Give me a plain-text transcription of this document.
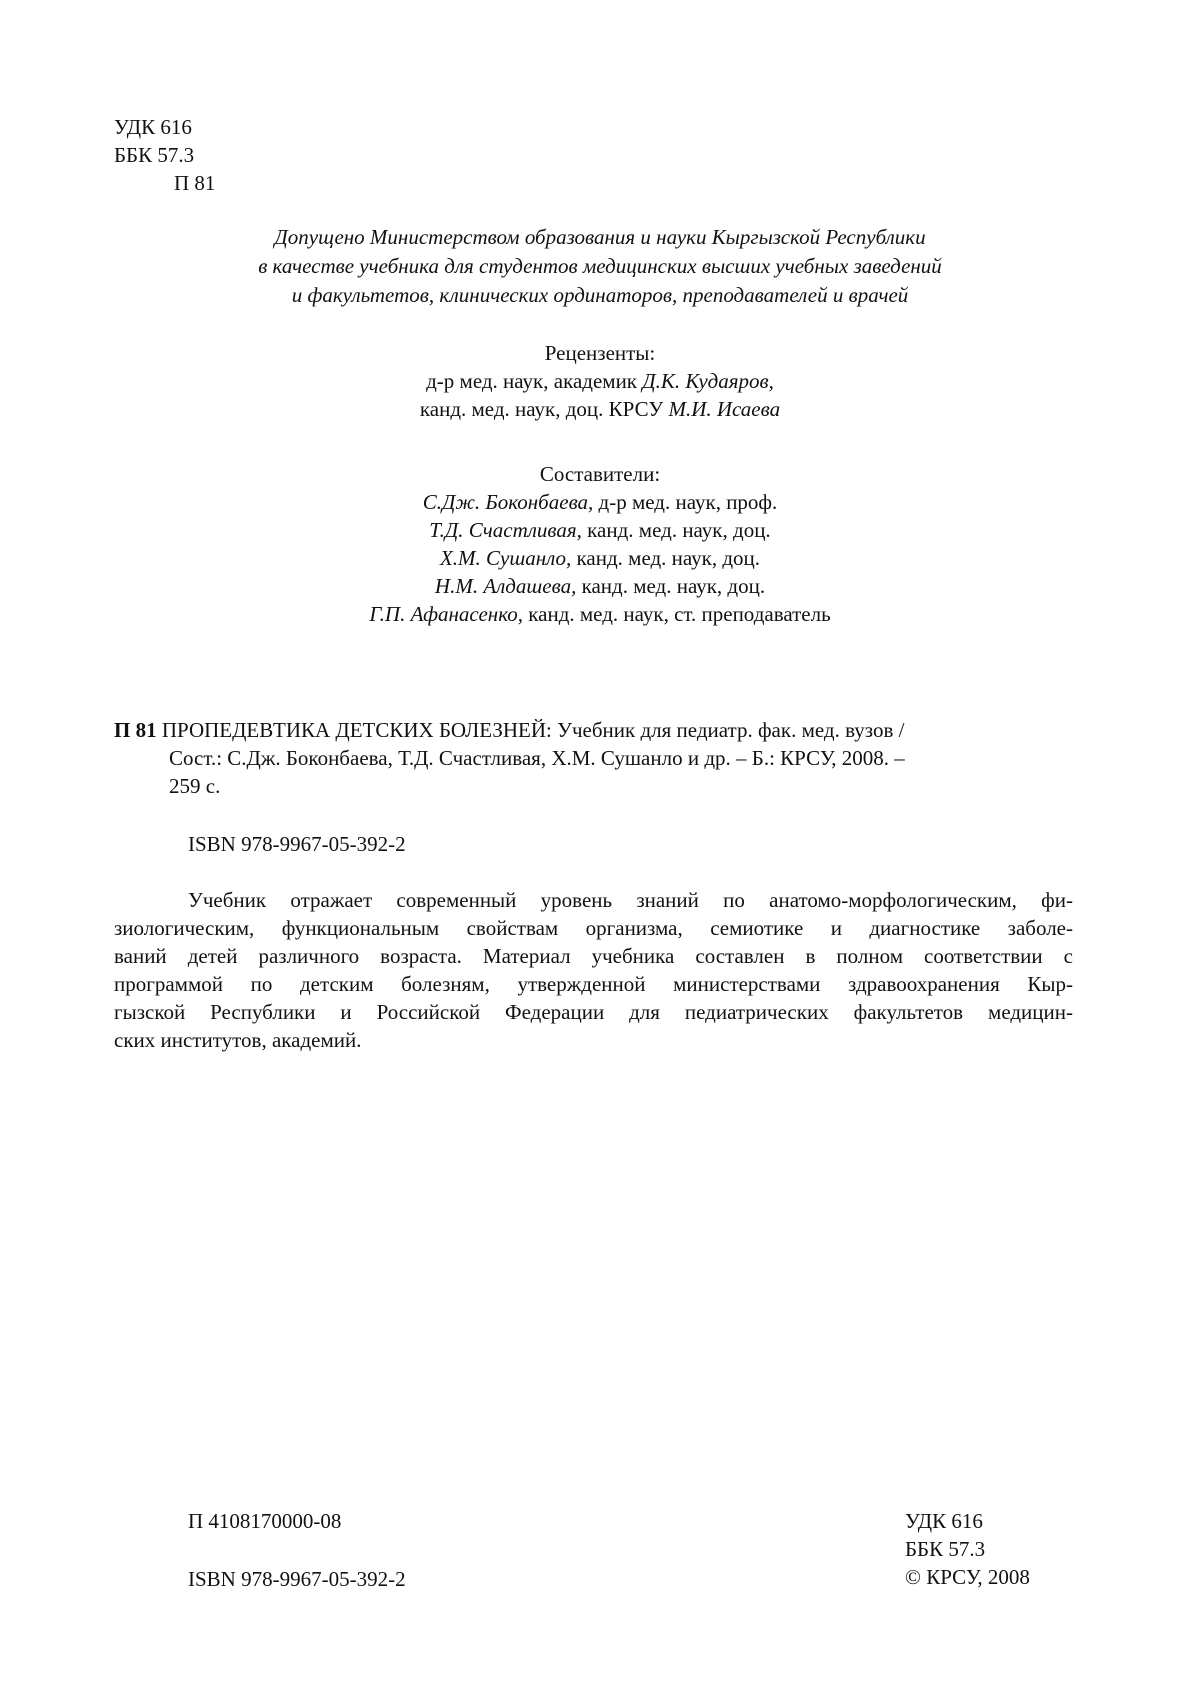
УДК 616
ББК 57.3
П 81
Допущено Министерством образования и науки Кыргызской Республики
в качестве учебника для студентов медицинских высших учебных заведений
и факультетов, клинических ординаторов, преподавателей и врачей
Рецензенты:
д-р мед. наук, академик Д.К. Кудаяров,
канд. мед. наук, доц. КРСУ М.И. Исаева
Составители:
С.Дж. Боконбаева, д-р мед. наук, проф.
Т.Д. Счастливая, канд. мед. наук, доц.
Х.М. Сушанло, канд. мед. наук, доц.
Н.М. Алдашева, канд. мед. наук, доц.
Г.П. Афанасенко, канд. мед. наук, ст. преподаватель
П 81 ПРОПЕДЕВТИКА ДЕТСКИХ БОЛЕЗНЕЙ: Учебник для педиатр. фак. мед. вузов /
Сост.: С.Дж. Боконбаева, Т.Д. Счастливая, Х.М. Сушанло и др. – Б.: КРСУ, 2008. –
259 с.
ISBN 978-9967-05-392-2
Учебник отражает современный уровень знаний по анатомо-морфологическим, фи-
зиологическим, функциональным свойствам организма, семиотике и диагностике заболе-
ваний детей различного возраста. Материал учебника составлен в полном соответствии с
программой по детским болезням, утвержденной министерствами здравоохранения Кыр-
гызской Республики и Российской Федерации для педиатрических факультетов медицин-
ских институтов, академий.
П 4108170000-08
ISBN 978-9967-05-392-2
УДК 616
ББК 57.3
© КРСУ, 2008
